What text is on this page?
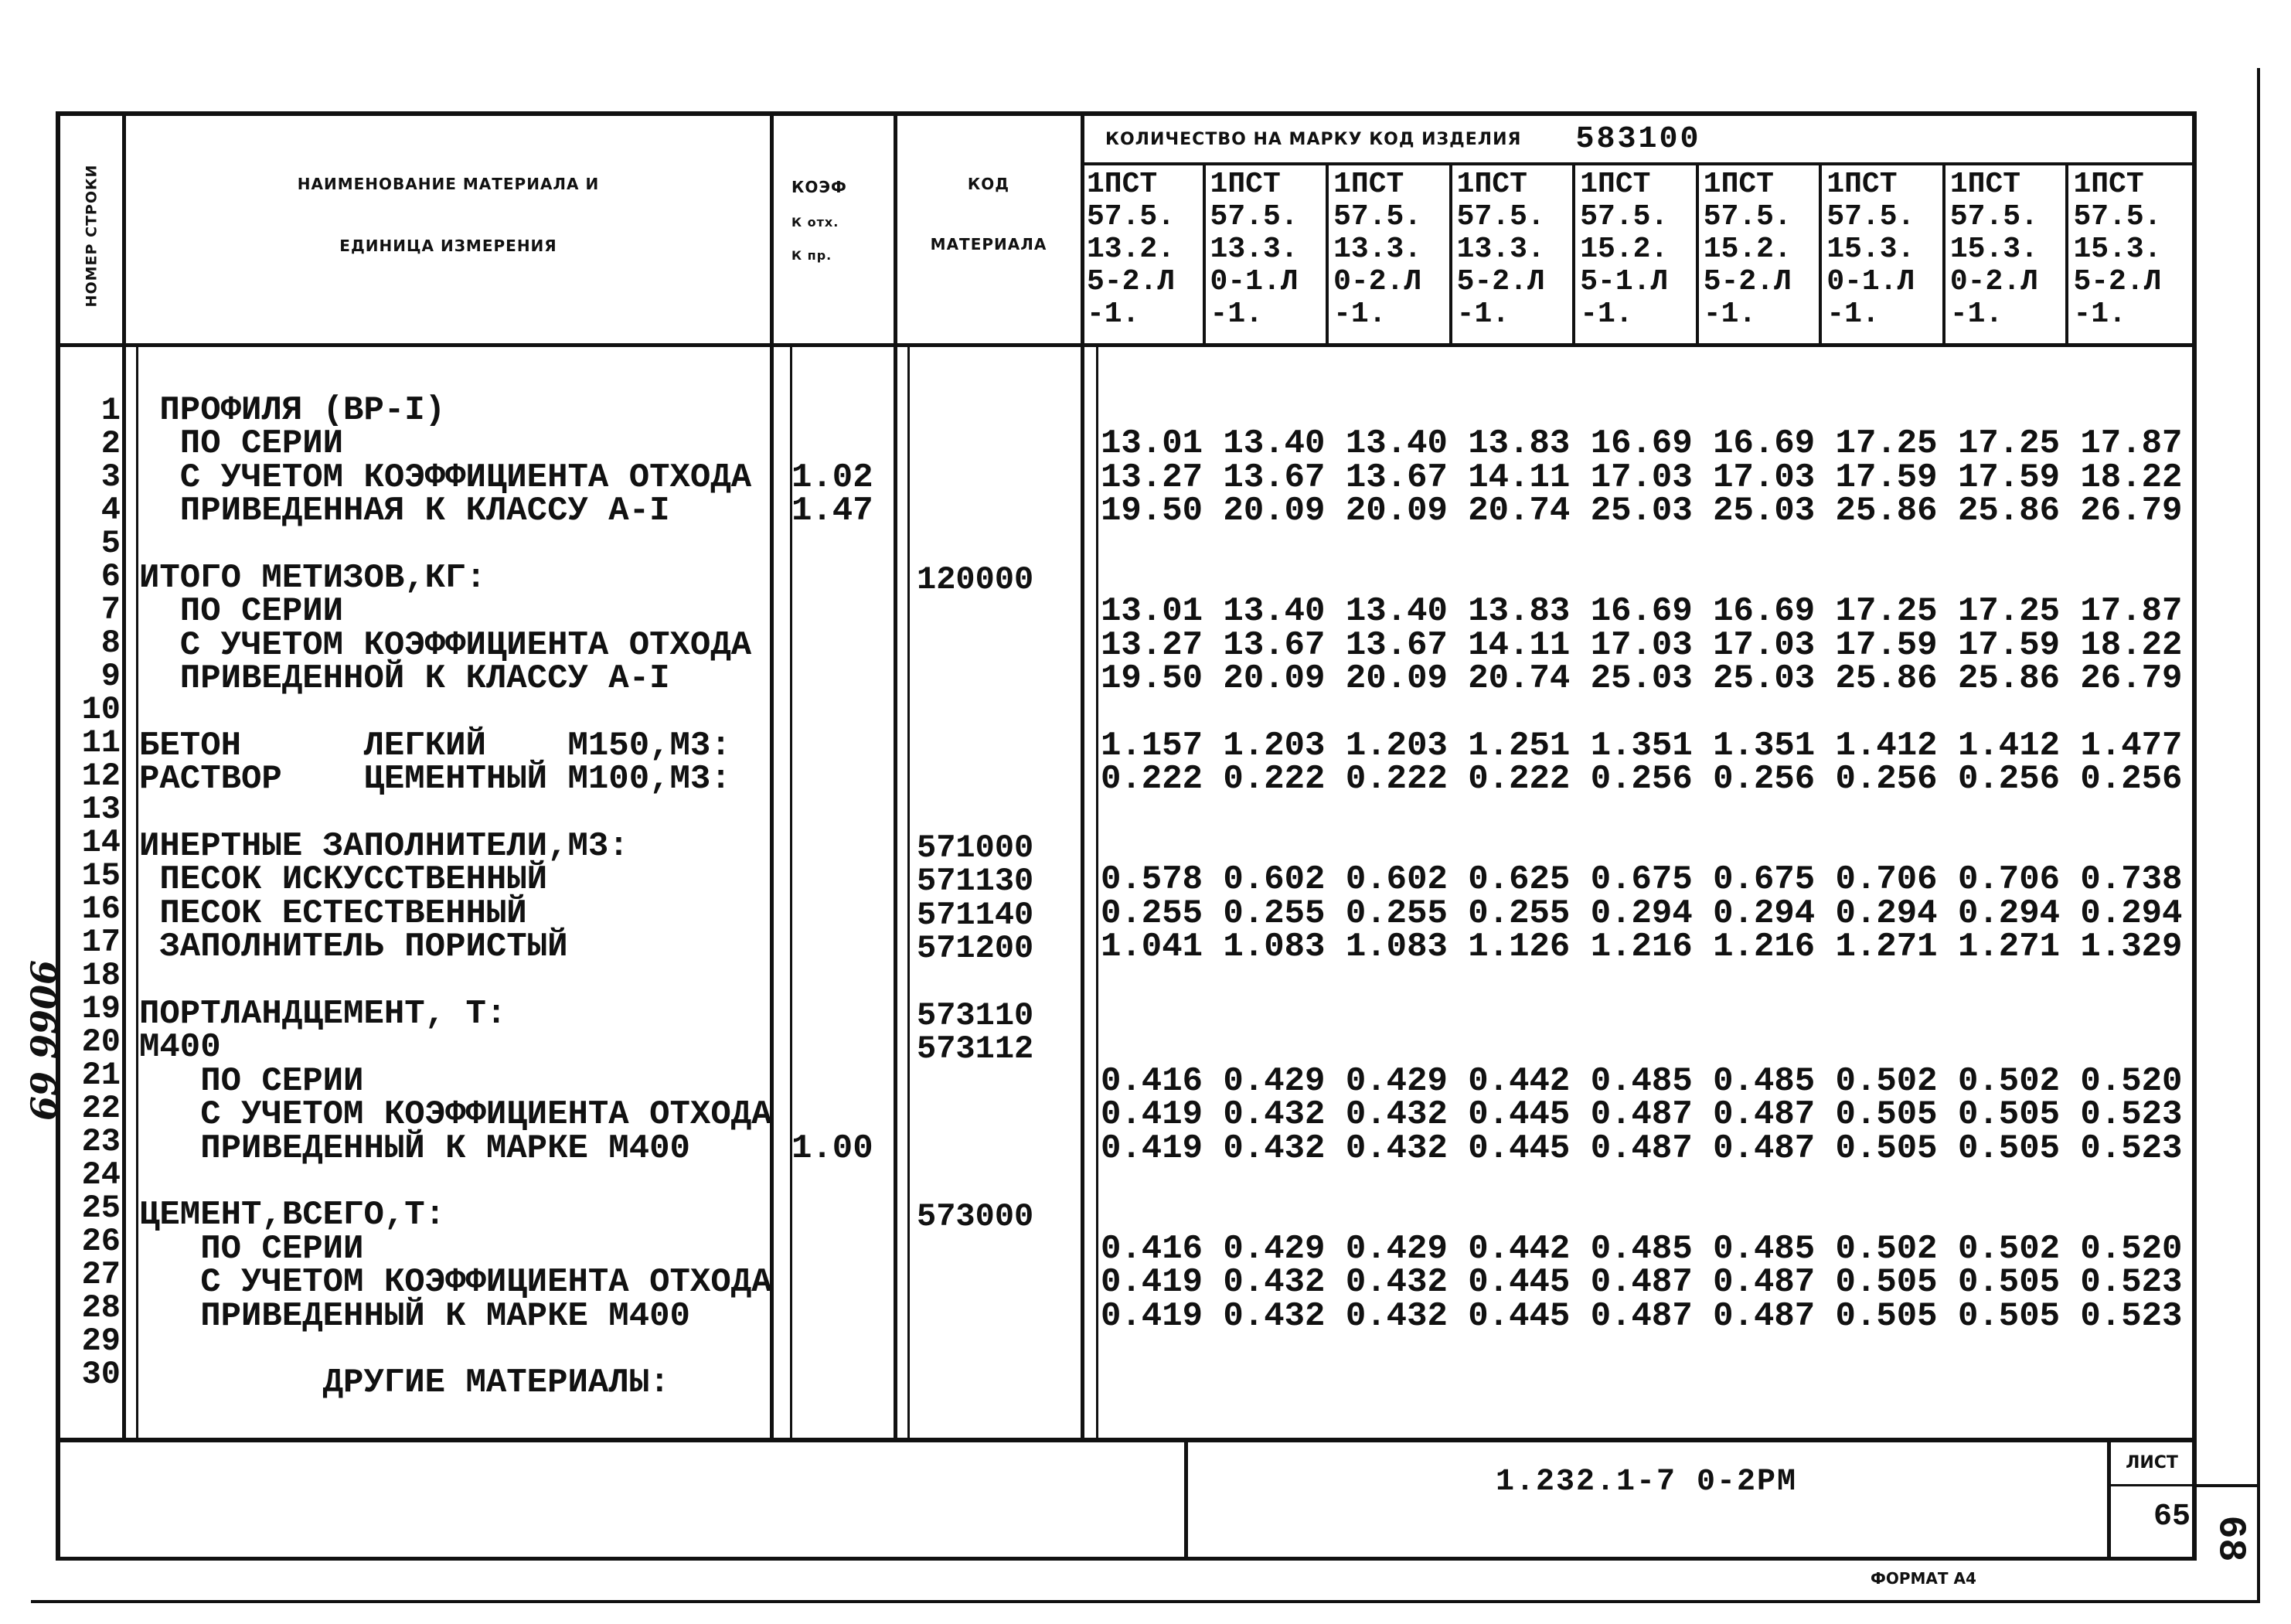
НОМЕР СТРОКИ	НАИМЕНОВАНИЕ МАТЕРИАЛА И
ЕДИНИЦА ИЗМЕРЕНИЯ
КОЭФ
К отх.
К пр.
КОД
МАТЕРИАЛА
КОЛИЧЕСТВО НА МАРКУ КОД ИЗДЕЛИЯ 583100
1ПСТ
57.5.
13.2.
5-2.Л
-1.
1ПСТ
57.5.
13.3.
0-1.Л
-1.
1ПСТ
57.5.
13.3.
0-2.Л
-1.
1ПСТ
57.5.
13.3.
5-2.Л
-1.
1ПСТ
57.5.
15.2.
5-1.Л
-1.
1ПСТ
57.5.
15.2.
5-2.Л
-1.
1ПСТ
57.5.
15.3.
0-1.Л
-1.
1ПСТ
57.5.
15.3.
0-2.Л
-1.
1ПСТ
57.5.
15.3.
5-2.Л
-1.
1
2
3
4
5
6
7
8
9
10
11
12
13
14
15
16
17
18
19
20
21
22
23
24
25
26
27
28
29
30
ПРОФИЛЯ (ВР-I)
ПО СЕРИИ
С УЧЕТОМ КОЭФФИЦИЕНТА ОТХОДА
ПРИВЕДЕННАЯ К КЛАССУ А-I
ИТОГО МЕТИЗОВ,КГ:
ПО СЕРИИ
С УЧЕТОМ КОЭФФИЦИЕНТА ОТХОДА
ПРИВЕДЕННОЙ К КЛАССУ А-I
БЕТОН      ЛЕГКИЙ    М150,М3:
РАСТВОР    ЦЕМЕНТНЫЙ М100,М3:
ИНЕРТНЫЕ ЗАПОЛНИТЕЛИ,М3:
ПЕСОК ИСКУССТВЕННЫЙ
ПЕСОК ЕСТЕСТВЕННЫЙ
ЗАПОЛНИТЕЛЬ ПОРИСТЫЙ
ПОРТЛАНДЦЕМЕНТ, Т:
М400
ПО СЕРИИ
С УЧЕТОМ КОЭФФИЦИЕНТА ОТХОДА
ПРИВЕДЕННЫЙ К МАРКЕ М400
ЦЕМЕНТ,ВСЕГО,Т:
ПО СЕРИИ
С УЧЕТОМ КОЭФФИЦИЕНТА ОТХОДА
ПРИВЕДЕННЫЙ К МАРКЕ М400
ДРУГИЕ МАТЕРИАЛЫ:
1.02
1.47
1.00
120000
571000
571130
571140
571200
573110
573112
573000
13.01 13.40 13.40 13.83 16.69 16.69 17.25 17.25 17.87
13.27 13.67 13.67 14.11 17.03 17.03 17.59 17.59 18.22
19.50 20.09 20.09 20.74 25.03 25.03 25.86 25.86 26.79
13.01 13.40 13.40 13.83 16.69 16.69 17.25 17.25 17.87
13.27 13.67 13.67 14.11 17.03 17.03 17.59 17.59 18.22
19.50 20.09 20.09 20.74 25.03 25.03 25.86 25.86 26.79
1.157 1.203 1.203 1.251 1.351 1.351 1.412 1.412 1.477
0.222 0.222 0.222 0.222 0.256 0.256 0.256 0.256 0.256
0.578 0.602 0.602 0.625 0.675 0.675 0.706 0.706 0.738
0.255 0.255 0.255 0.255 0.294 0.294 0.294 0.294 0.294
1.041 1.083 1.083 1.126 1.216 1.216 1.271 1.271 1.329
0.416 0.429 0.429 0.442 0.485 0.485 0.502 0.502 0.520
0.419 0.432 0.432 0.445 0.487 0.487 0.505 0.505 0.523
0.419 0.432 0.432 0.445 0.487 0.487 0.505 0.505 0.523
0.416 0.429 0.429 0.442 0.485 0.485 0.502 0.502 0.520
0.419 0.432 0.432 0.445 0.487 0.487 0.505 0.505 0.523
0.419 0.432 0.432 0.445 0.487 0.487 0.505 0.505 0.523
69 9906
1.232.1-7 0-2РМ
ЛИСТ
65
ФОРМАТ А4
68
